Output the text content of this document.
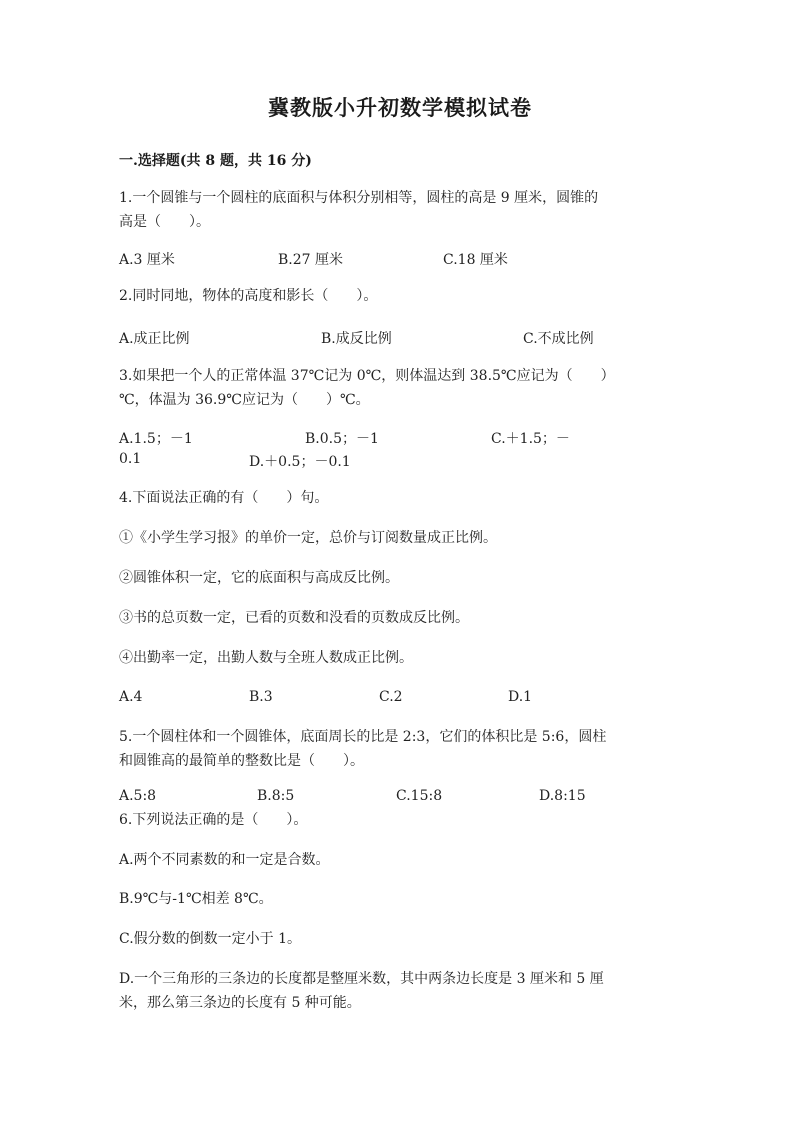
冀教版小升初数学模拟试卷
一.选择题(共 8 题，共 16 分)
1.一个圆锥与一个圆柱的底面积与体积分别相等，圆柱的高是 9 厘米，圆锥的
高是（　　）。
A.3 厘米	B.27 厘米	C.18 厘米
2.同时同地，物体的高度和影长（　　）。
A.成正比例	B.成反比例	C.不成比例
3.如果把一个人的正常体温 37℃记为 0℃，则体温达到 38.5℃应记为（　　）
℃，体温为 36.9℃应记为（　　）℃。
A.1.5；－1	B.0.5；－1	C.＋1.5；－
0.1	D.＋0.5；－0.1
4.下面说法正确的有（　　）句。
①《小学生学习报》的单价一定，总价与订阅数量成正比例。
②圆锥体积一定，它的底面积与高成反比例。
③书的总页数一定，已看的页数和没看的页数成反比例。
④出勤率一定，出勤人数与全班人数成正比例。
A.4	B.3	C.2	D.1
5.一个圆柱体和一个圆锥体，底面周长的比是 2:3，它们的体积比是 5:6，圆柱
和圆锥高的最简单的整数比是（　　）。
A.5:8	B.8:5	C.15:8	D.8:15
6.下列说法正确的是（　　）。
A.两个不同素数的和一定是合数。
B.9℃与-1℃相差 8℃。
C.假分数的倒数一定小于 1。
D.一个三角形的三条边的长度都是整厘米数，其中两条边长度是 3 厘米和 5 厘
米，那么第三条边的长度有 5 种可能。
